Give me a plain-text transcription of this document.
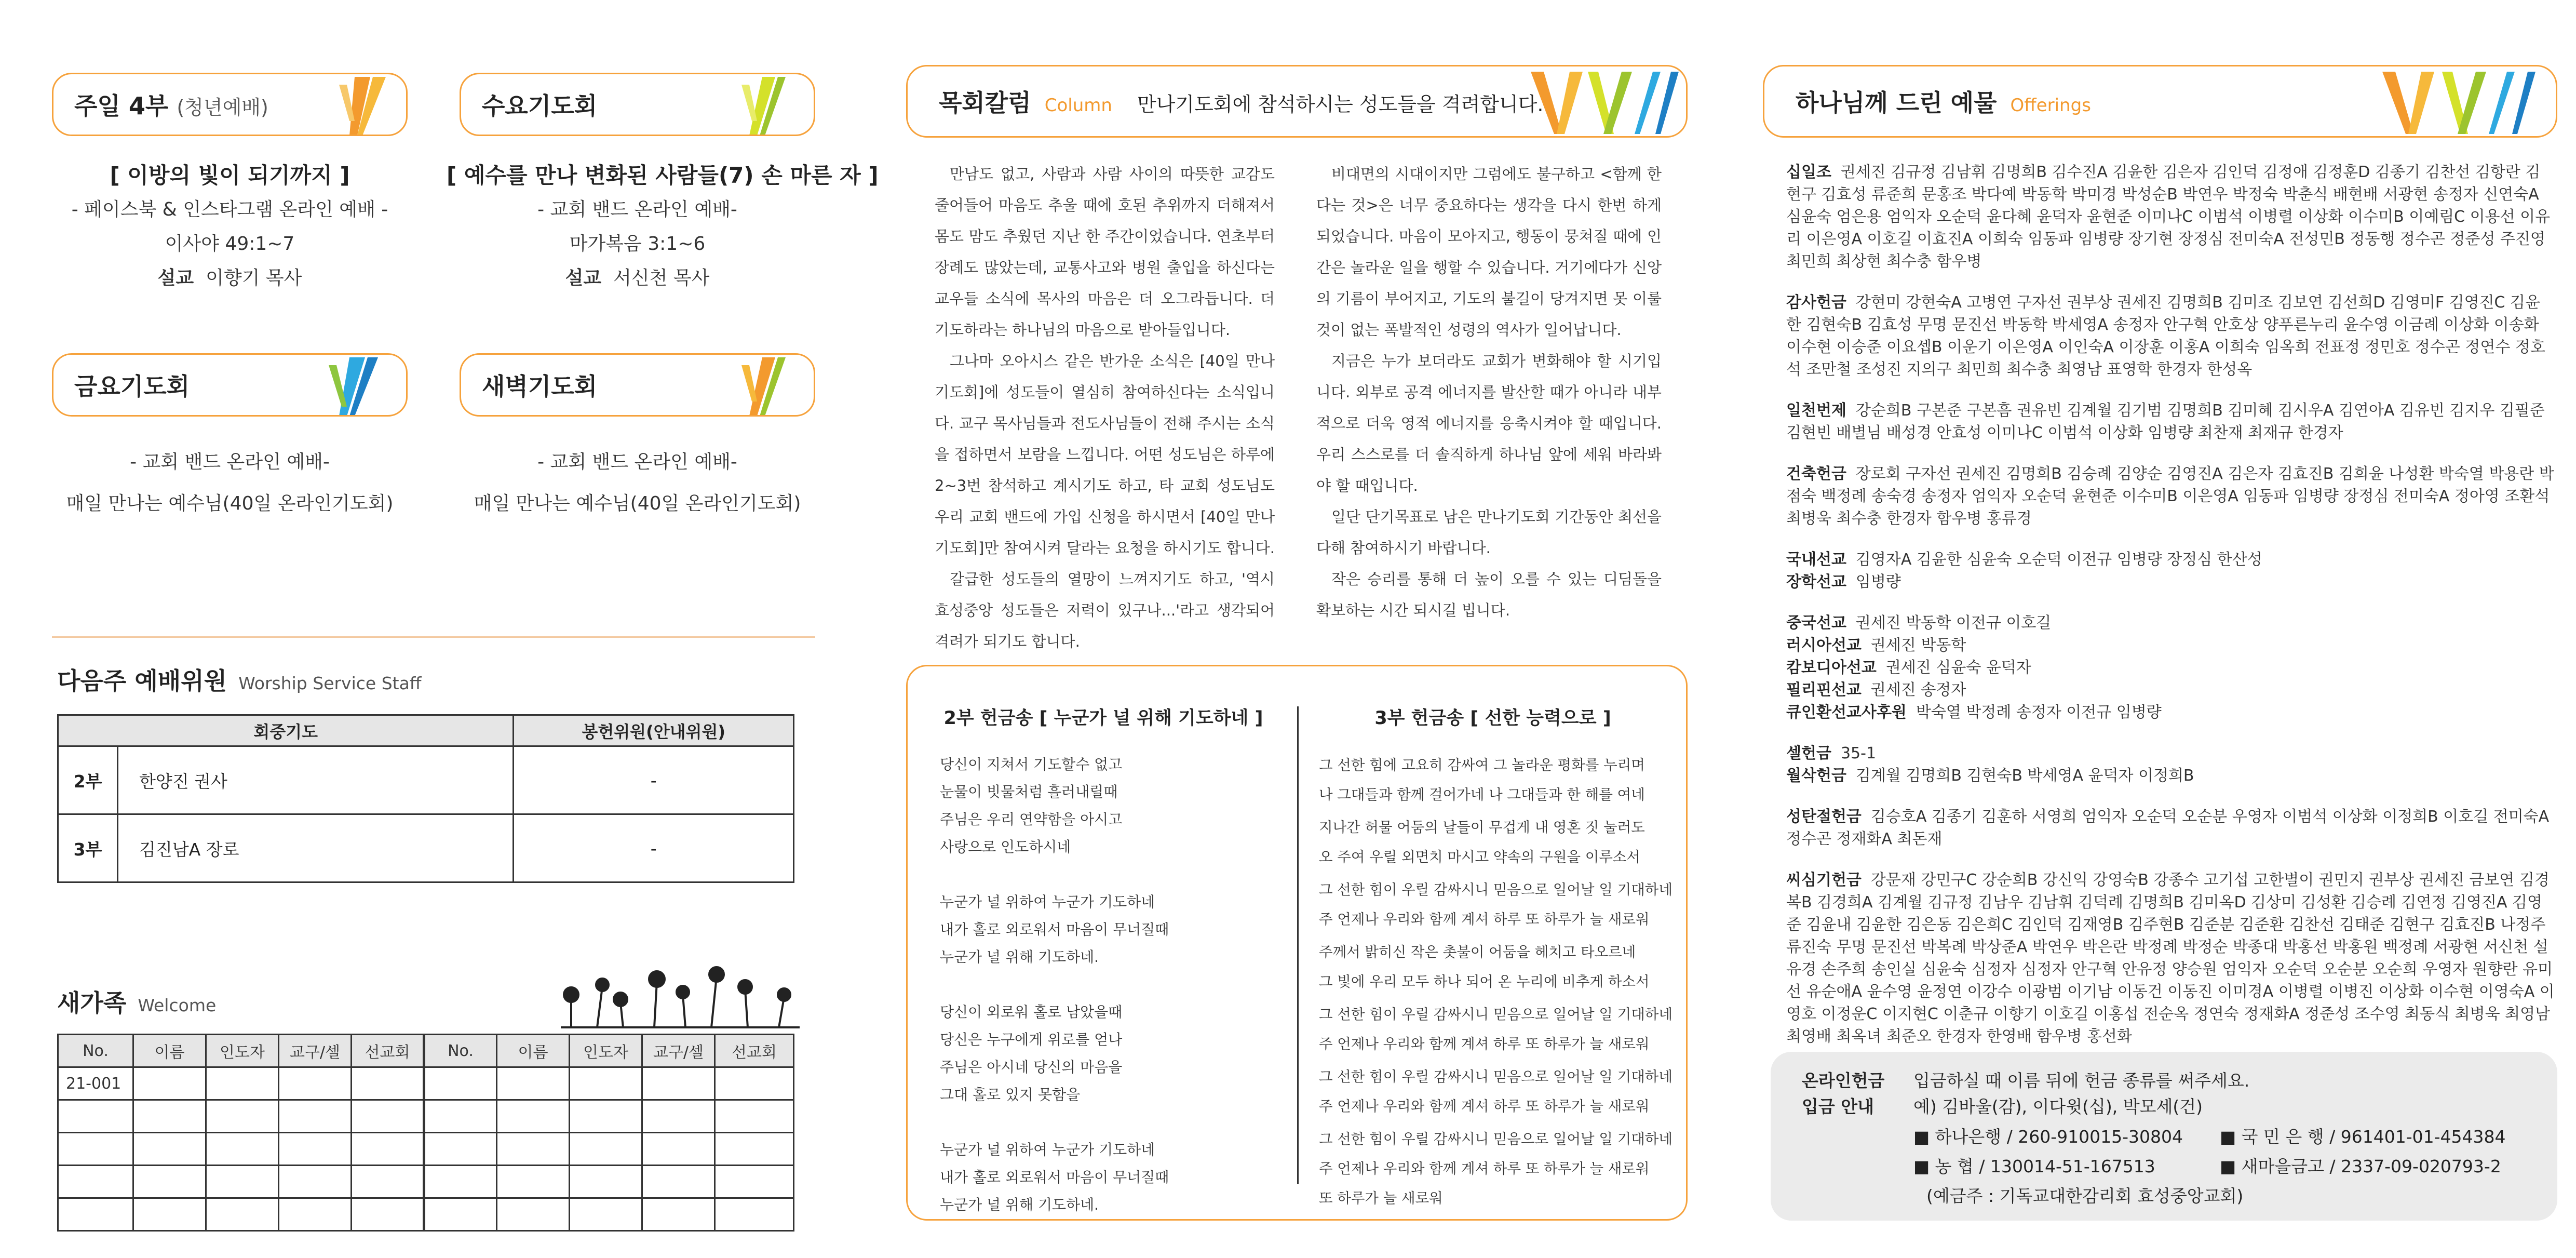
주일 4부 (청년예배)	수요기도회
[ 이방의 빛이 되기까지 ]
- 페이스북 & 인스타그램 온라인 예배 -
이사야 49:1~7
설교 이향기 목사
[ 예수를 만나 변화된 사람들(7) 손 마른 자 ]
- 교회 밴드 온라인 예배-
마가복음 3:1~6
설교 서신천 목사
금요기도회	새벽기도회
- 교회 밴드 온라인 예배-
매일 만나는 예수님(40일 온라인기도회)
- 교회 밴드 온라인 예배-
매일 만나는 예수님(40일 온라인기도회)
다음주 예배위원 Worship Service Staff
회중기도		봉헌위원(안내위원)
2부	한양진 권사	-
3부	김진남A 장로	-
새가족 Welcome
No.	이름	인도자	교구/셀	선교회	No.	이름	인도자	교구/셀	선교회
21-001									

목회칼럼 Column 만나기도회에 참석하시는 성도들을 격려합니다.

만남도 없고, 사람과 사람 사이의 따뜻한 교감도 줄어들어 마음도 추울 때에 호된 추위까지 더해져서 몸도 맘도 추웠던 지난 한 주간이었습니다. 연초부터 장례도 많았는데, 교통사고와 병원 출입을 하신다는 교우들 소식에 목사의 마음은 더 오그라듭니다. 더 기도하라는 하나님의 마음으로 받아들입니다.

그나마 오아시스 같은 반가운 소식은 [40일 만나기도회]에 성도들이 열심히 참여하신다는 소식입니다. 교구 목사님들과 전도사님들이 전해 주시는 소식을 접하면서 보람을 느낍니다. 어떤 성도님은 하루에 2~3번 참석하고 계시기도 하고, 타 교회 성도님도 우리 교회 밴드에 가입 신청을 하시면서 [40일 만나기도회]만 참여시켜 달라는 요청을 하시기도 합니다.

갈급한 성도들의 열망이 느껴지기도 하고, '역시 효성중앙 성도들은 저력이 있구나...'라고 생각되어 격려가 되기도 합니다.

비대면의 시대이지만 그럼에도 불구하고 <함께 한다는 것>은 너무 중요하다는 생각을 다시 한번 하게 되었습니다. 마음이 모아지고, 행동이 뭉쳐질 때에 인간은 놀라운 일을 행할 수 있습니다. 거기에다가 신앙의 기름이 부어지고, 기도의 불길이 당겨지면 못 이룰 것이 없는 폭발적인 성령의 역사가 일어납니다.

지금은 누가 보더라도 교회가 변화해야 할 시기입니다. 외부로 공격 에너지를 발산할 때가 아니라 내부적으로 더욱 영적 에너지를 응축시켜야 할 때입니다. 우리 스스로를 더 솔직하게 하나님 앞에 세워 바라봐야 할 때입니다.

일단 단기목표로 남은 만나기도회 기간동안 최선을 다해 참여하시기 바랍니다.

작은 승리를 통해 더 높이 오를 수 있는 디딤돌을 확보하는 시간 되시길 빕니다.

2부 헌금송 [ 누군가 널 위해 기도하네 ]
당신이 지쳐서 기도할수 없고
눈물이 빗물처럼 흘러내릴때
주님은 우리 연약함을 아시고
사랑으로 인도하시네
누군가 널 위하여 누군가 기도하네
내가 홀로 외로워서 마음이 무너질때
누군가 널 위해 기도하네.
당신이 외로워 홀로 남았을때
당신은 누구에게 위로를 얻나
주님은 아시네 당신의 마음을
그대 홀로 있지 못함을
누군가 널 위하여 누군가 기도하네
내가 홀로 외로워서 마음이 무너질때
누군가 널 위해 기도하네.
3부 헌금송 [ 선한 능력으로 ]
그 선한 힘에 고요히 감싸여 그 놀라운 평화를 누리며
나 그대들과 함께 걸어가네 나 그대들과 한 해를 여네
지나간 허물 어둠의 날들이 무겁게 내 영혼 짓 눌러도
오 주여 우릴 외면치 마시고 약속의 구원을 이루소서
그 선한 힘이 우릴 감싸시니 믿음으로 일어날 일 기대하네
주 언제나 우리와 함께 계셔 하루 또 하루가 늘 새로워
주께서 밝히신 작은 촛불이 어둠을 헤치고 타오르네
그 빛에 우리 모두 하나 되어 온 누리에 비추게 하소서
그 선한 힘이 우릴 감싸시니 믿음으로 일어날 일 기대하네
주 언제나 우리와 함께 계셔 하루 또 하루가 늘 새로워
그 선한 힘이 우릴 감싸시니 믿음으로 일어날 일 기대하네
주 언제나 우리와 함께 계셔 하루 또 하루가 늘 새로워
그 선한 힘이 우릴 감싸시니 믿음으로 일어날 일 기대하네
주 언제나 우리와 함께 계셔 하루 또 하루가 늘 새로워
또 하루가 늘 새로워
하나님께 드린 예물 Offerings
십일조 권세진 김규정 김남휘 김명희B 김수진A 김윤한 김은자 김인덕 김정애 김정훈D 김종기 김찬선 김항란 김현구 김효성 류준희 문홍조 박다예 박동학 박미경 박성순B 박연우 박정숙 박춘식 배현배 서광현 송정자 신연숙A 심윤숙 엄은용 엄익자 오순덕 윤다혜 윤덕자 윤현준 이미나C 이범석 이병렬 이상화 이수미B 이예림C 이용선 이유리 이은영A 이호길 이효진A 이희숙 임동파 임병량 장기현 장정심 전미숙A 전성민B 정동행 정수곤 정준성 주진영 최민희 최상현 최수충 함우병
감사헌금 강현미 강현숙A 고병연 구자선 권부상 권세진 김명희B 김미조 김보연 김선희D 김영미F 김영진C 김윤한 김현숙B 김효성 무명 문진선 박동학 박세영A 송정자 안구혁 안호상 양푸른누리 윤수영 이금례 이상화 이송화 이수현 이승준 이요셉B 이운기 이은영A 이인숙A 이장훈 이홍A 이희숙 임옥희 전표정 정민호 정수곤 정연수 정호석 조만철 조성진 지의구 최민희 최수충 최영남 표영학 한경자 한성옥
일천번제 강순희B 구본준 구본흠 권유빈 김계월 김기범 김명희B 김미혜 김시우A 김연아A 김유빈 김지우 김필준 김현빈 배별님 배성경 안효성 이미나C 이범석 이상화 임병량 최찬재 최재규 한경자
건축헌금 장로회 구자선 권세진 김명희B 김승례 김양순 김영진A 김은자 김효진B 김희윤 나성환 박숙열 박용란 박점숙 백정례 송숙경 송정자 엄익자 오순덕 윤현준 이수미B 이은영A 임동파 임병량 장정심 전미숙A 정아영 조환석 최병욱 최수충 한경자 함우병 홍류경
국내선교 김영자A 김윤한 심윤숙 오순덕 이전규 임병량 장정심 한산성
장학선교 임병량
중국선교 권세진 박동학 이전규 이호길
러시아선교 권세진 박동학
캄보디아선교 권세진 심윤숙 윤덕자
필리핀선교 권세진 송정자
큐인환선교사후원 박숙열 박정례 송정자 이전규 임병량
셀헌금 35-1
월삭헌금 김계월 김명희B 김현숙B 박세영A 윤덕자 이정희B
성탄절헌금 김승호A 김종기 김훈하 서영희 엄익자 오순덕 오순분 우영자 이범석 이상화 이정희B 이호길 전미숙A 정수곤 정재화A 최돈재
씨심기헌금 강문재 강민구C 강순희B 강신익 강영숙B 강종수 고기섭 고한별이 권민지 권부상 권세진 금보연 김경복B 김경희A 김계월 김규정 김남우 김남휘 김덕례 김명희B 김미옥D 김상미 김성환 김승례 김연정 김영진A 김영준 김윤내 김윤한 김은동 김은희C 김인덕 김재영B 김주현B 김준분 김준환 김찬선 김태준 김현구 김효진B 나정주 류진숙 무명 문진선 박복례 박상준A 박연우 박은란 박정례 박정순 박종대 박홍선 박홍원 백정례 서광현 서신천 설유경 손주희 송인실 심윤숙 심정자 심정자 안구혁 안유정 양승원 엄익자 오순덕 오순분 오순희 우영자 원향란 유미선 유순애A 윤수영 윤정연 이강수 이광범 이기남 이동건 이동진 이미경A 이병렬 이병진 이상화 이수현 이영숙A 이영호 이정운C 이지현C 이춘규 이향기 이호길 이홍섭 전순옥 정연숙 정재화A 정준성 조수영 최동식 최병욱 최영남 최영배 최옥녀 최준오 한경자 한영배 함우병 홍선화
온라인헌금
입금 안내
입금하실 때 이름 뒤에 헌금 종류를 써주세요.
예) 김바울(감), 이다윗(십), 박모세(건)
■ 하나은행 / 260-910015-30804 ■ 국 민 은 행 / 961401-01-454384
■ 농 협 / 130014-51-167513	■ 새마을금고 / 2337-09-020793-2
(예금주 : 기독교대한감리회 효성중앙교회)
